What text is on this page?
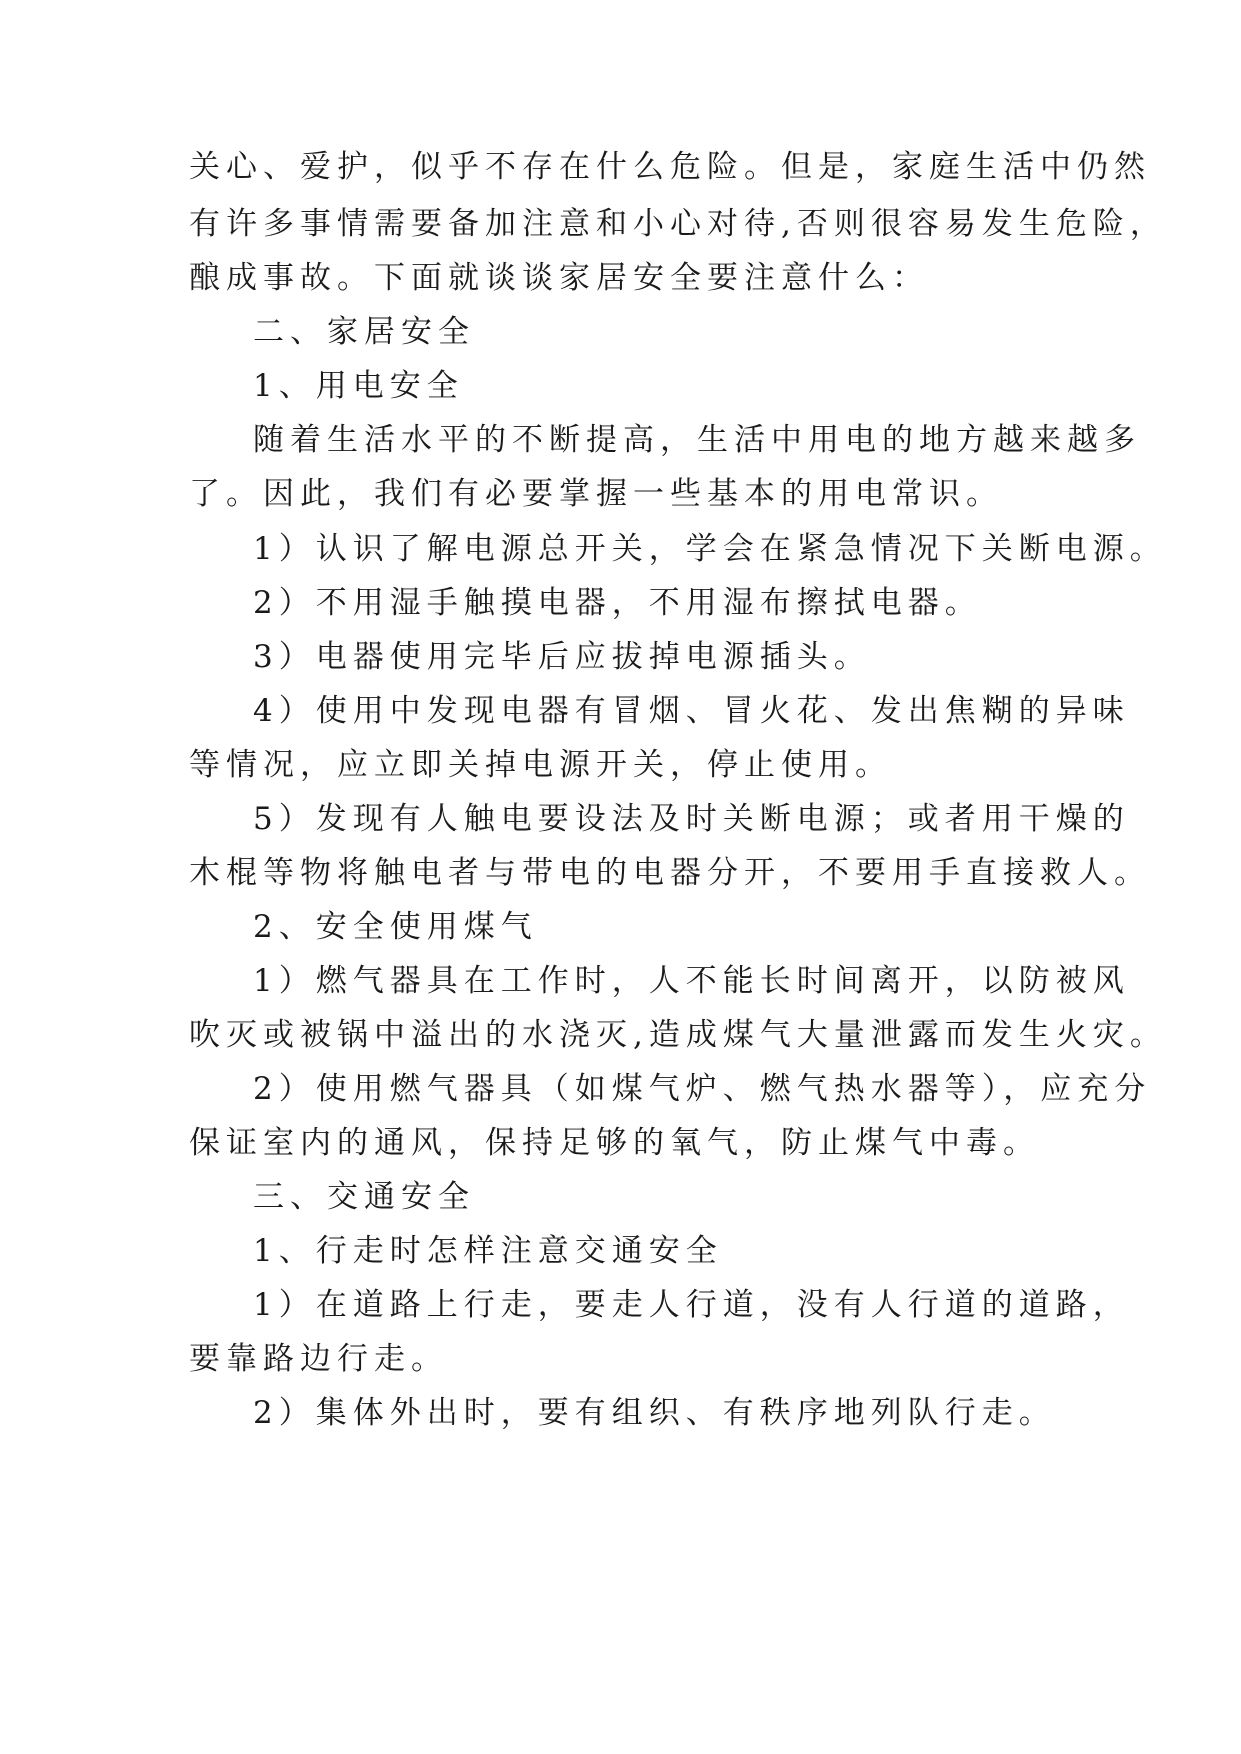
关心、爱护，似乎不存在什么危险。但是，家庭生活中仍然

有许多事情需要备加注意和小心对待,否则很容易发生危险，

酿成事故。下面就谈谈家居安全要注意什么：

二、家居安全

1、用电安全

随着生活水平的不断提高，生活中用电的地方越来越多

了。因此，我们有必要掌握一些基本的用电常识。

1）认识了解电源总开关，学会在紧急情况下关断电源。

2）不用湿手触摸电器，不用湿布擦拭电器。

3）电器使用完毕后应拔掉电源插头。

4）使用中发现电器有冒烟、冒火花、发出焦糊的异味

等情况，应立即关掉电源开关，停止使用。

5）发现有人触电要设法及时关断电源；或者用干燥的

木棍等物将触电者与带电的电器分开，不要用手直接救人。

2、安全使用煤气

1）燃气器具在工作时，人不能长时间离开，以防被风

吹灭或被锅中溢出的水浇灭,造成煤气大量泄露而发生火灾。

2）使用燃气器具（如煤气炉、燃气热水器等），应充分

保证室内的通风，保持足够的氧气，防止煤气中毒。

三、交通安全

1、行走时怎样注意交通安全

1）在道路上行走，要走人行道，没有人行道的道路，

要靠路边行走。

2）集体外出时，要有组织、有秩序地列队行走。
